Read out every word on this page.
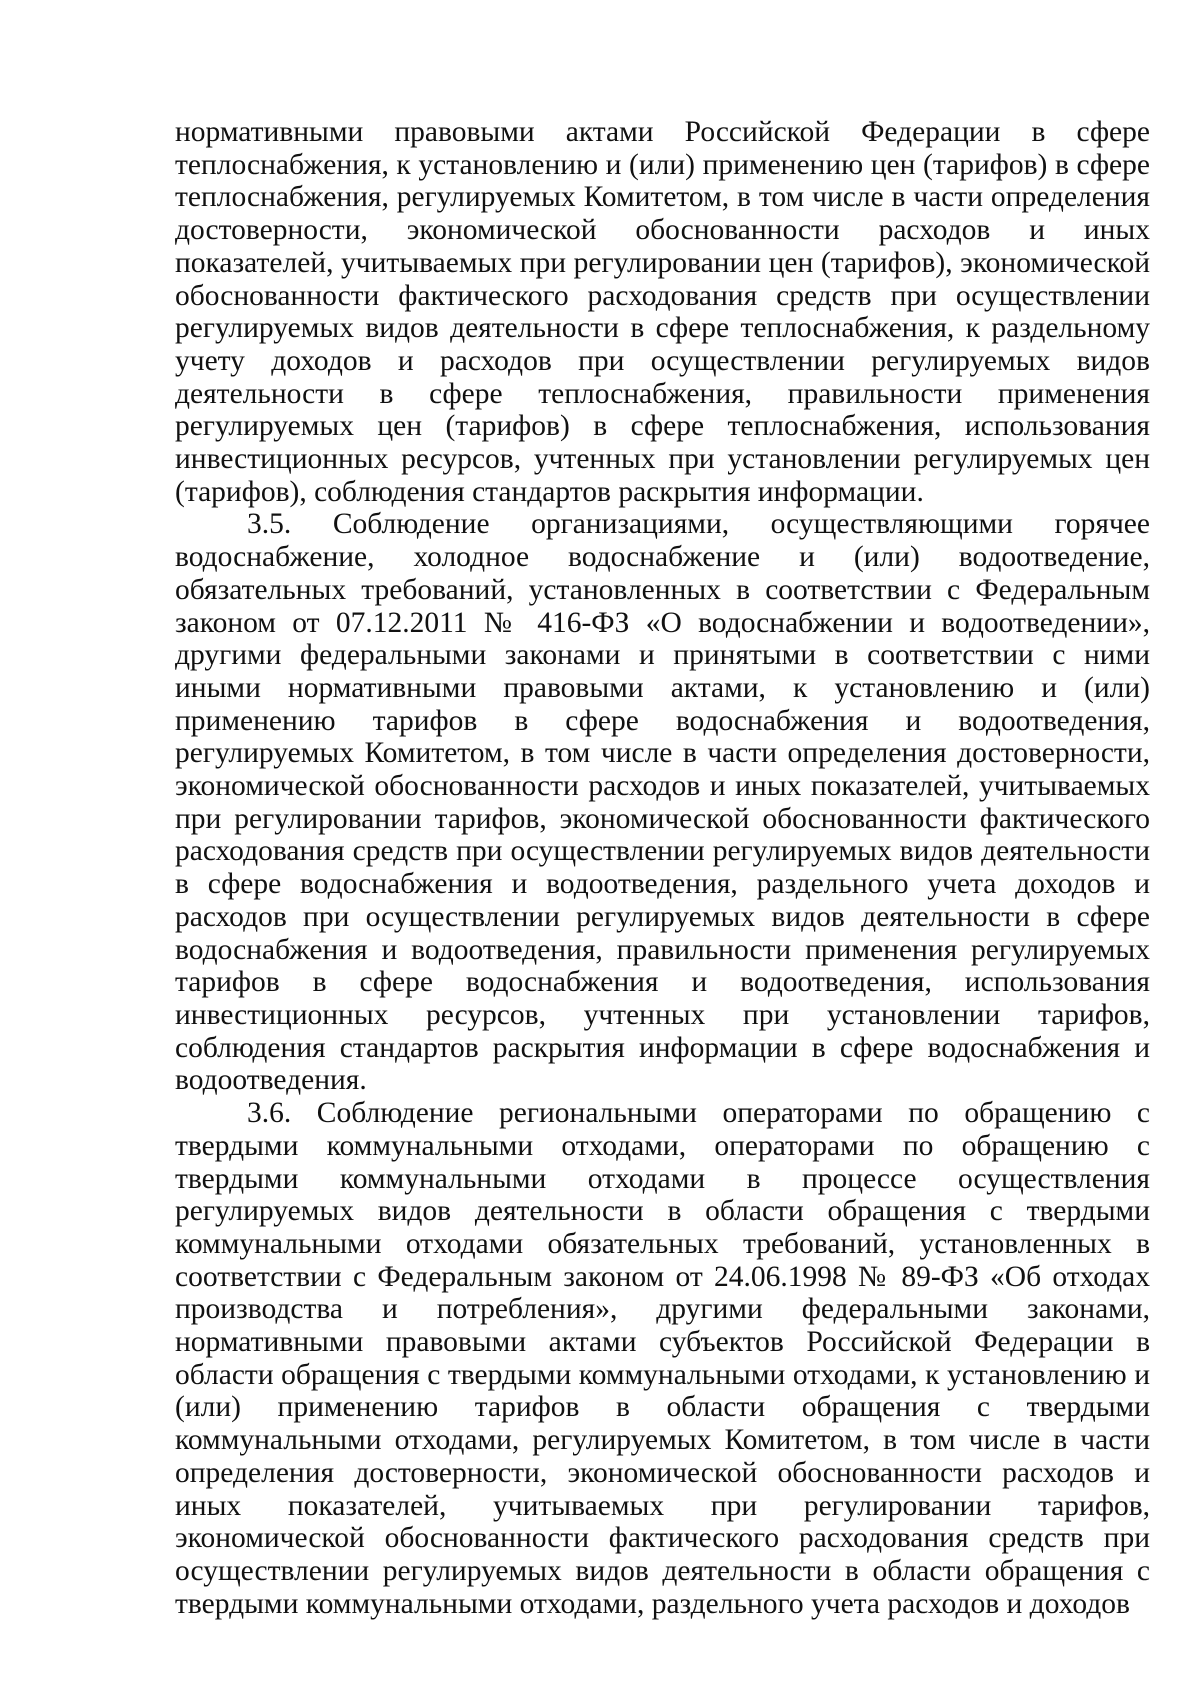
нормативными правовыми актами Российской Федерации в сфере теплоснабжения, к установлению и (или) применению цен (тарифов) в сфере теплоснабжения, регулируемых Комитетом, в том числе в части определения достоверности, экономической обоснованности расходов и иных показателей, учитываемых при регулировании цен (тарифов), экономической обоснованности фактического расходования средств при осуществлении регулируемых видов деятельности в сфере теплоснабжения, к раздельному учету доходов и расходов при осуществлении регулируемых видов деятельности в сфере теплоснабжения, правильности применения регулируемых цен (тарифов) в сфере теплоснабжения, использования инвестиционных ресурсов, учтенных при установлении регулируемых цен (тарифов), соблюдения стандартов раскрытия информации.

3.5. Соблюдение организациями, осуществляющими горячее водоснабжение, холодное водоснабжение и (или) водоотведение, обязательных требований, установленных в соответствии с Федеральным законом от 07.12.2011 № 416-ФЗ «О водоснабжении и водоотведении», другими федеральными законами и принятыми в соответствии с ними иными нормативными правовыми актами, к установлению и (или) применению тарифов в сфере водоснабжения и водоотведения, регулируемых Комитетом, в том числе в части определения достоверности, экономической обоснованности расходов и иных показателей, учитываемых при регулировании тарифов, экономической обоснованности фактического расходования средств при осуществлении регулируемых видов деятельности в сфере водоснабжения и водоотведения, раздельного учета доходов и расходов при осуществлении регулируемых видов деятельности в сфере водоснабжения и водоотведения, правильности применения регулируемых тарифов в сфере водоснабжения и водоотведения, использования инвестиционных ресурсов, учтенных при установлении тарифов, соблюдения стандартов раскрытия информации в сфере водоснабжения и водоотведения.

3.6. Соблюдение региональными операторами по обращению с твердыми коммунальными отходами, операторами по обращению с твердыми коммунальными отходами в процессе осуществления регулируемых видов деятельности в области обращения с твердыми коммунальными отходами обязательных требований, установленных в соответствии с Федеральным законом от 24.06.1998 № 89-ФЗ «Об отходах производства и потребления», другими федеральными законами, нормативными правовыми актами субъектов Российской Федерации в области обращения с твердыми коммунальными отходами, к установлению и (или) применению тарифов в области обращения с твердыми коммунальными отходами, регулируемых Комитетом, в том числе в части определения достоверности, экономической обоснованности расходов и иных показателей, учитываемых при регулировании тарифов, экономической обоснованности фактического расходования средств при осуществлении регулируемых видов деятельности в области обращения с твердыми коммунальными отходами, раздельного учета расходов и доходов
